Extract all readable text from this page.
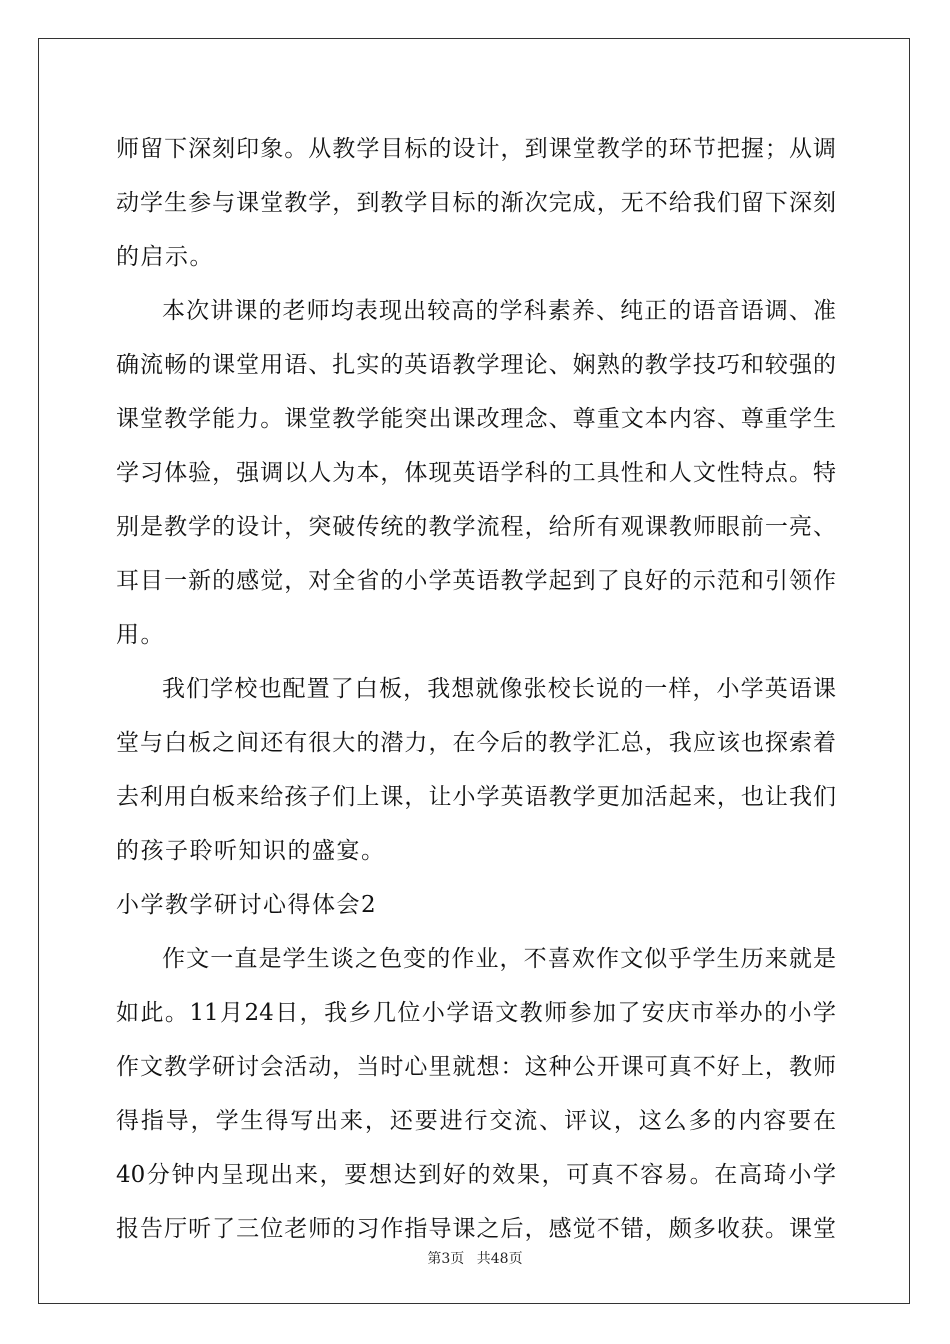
师留下深刻印象。从教学目标的设计，到课堂教学的环节把握；从调
动学生参与课堂教学，到教学目标的渐次完成，无不给我们留下深刻
的启示。
本次讲课的老师均表现出较高的学科素养、纯正的语音语调、准
确流畅的课堂用语、扎实的英语教学理论、娴熟的教学技巧和较强的
课堂教学能力。课堂教学能突出课改理念、尊重文本内容、尊重学生
学习体验，强调以人为本，体现英语学科的工具性和人文性特点。特
别是教学的设计，突破传统的教学流程，给所有观课教师眼前一亮、
耳目一新的感觉，对全省的小学英语教学起到了良好的示范和引领作
用。
我们学校也配置了白板，我想就像张校长说的一样，小学英语课
堂与白板之间还有很大的潜力，在今后的教学汇总，我应该也探索着
去利用白板来给孩子们上课，让小学英语教学更加活起来，也让我们
的孩子聆听知识的盛宴。
小学教学研讨心得体会2
作文一直是学生谈之色变的作业，不喜欢作文似乎学生历来就是
如此。11月24日，我乡几位小学语文教师参加了安庆市举办的小学
作文教学研讨会活动，当时心里就想：这种公开课可真不好上，教师
得指导，学生得写出来，还要进行交流、评议，这么多的内容要在
40分钟内呈现出来，要想达到好的效果，可真不容易。在高琦小学
报告厅听了三位老师的习作指导课之后，感觉不错，颇多收获。课堂
第3页 共48页
